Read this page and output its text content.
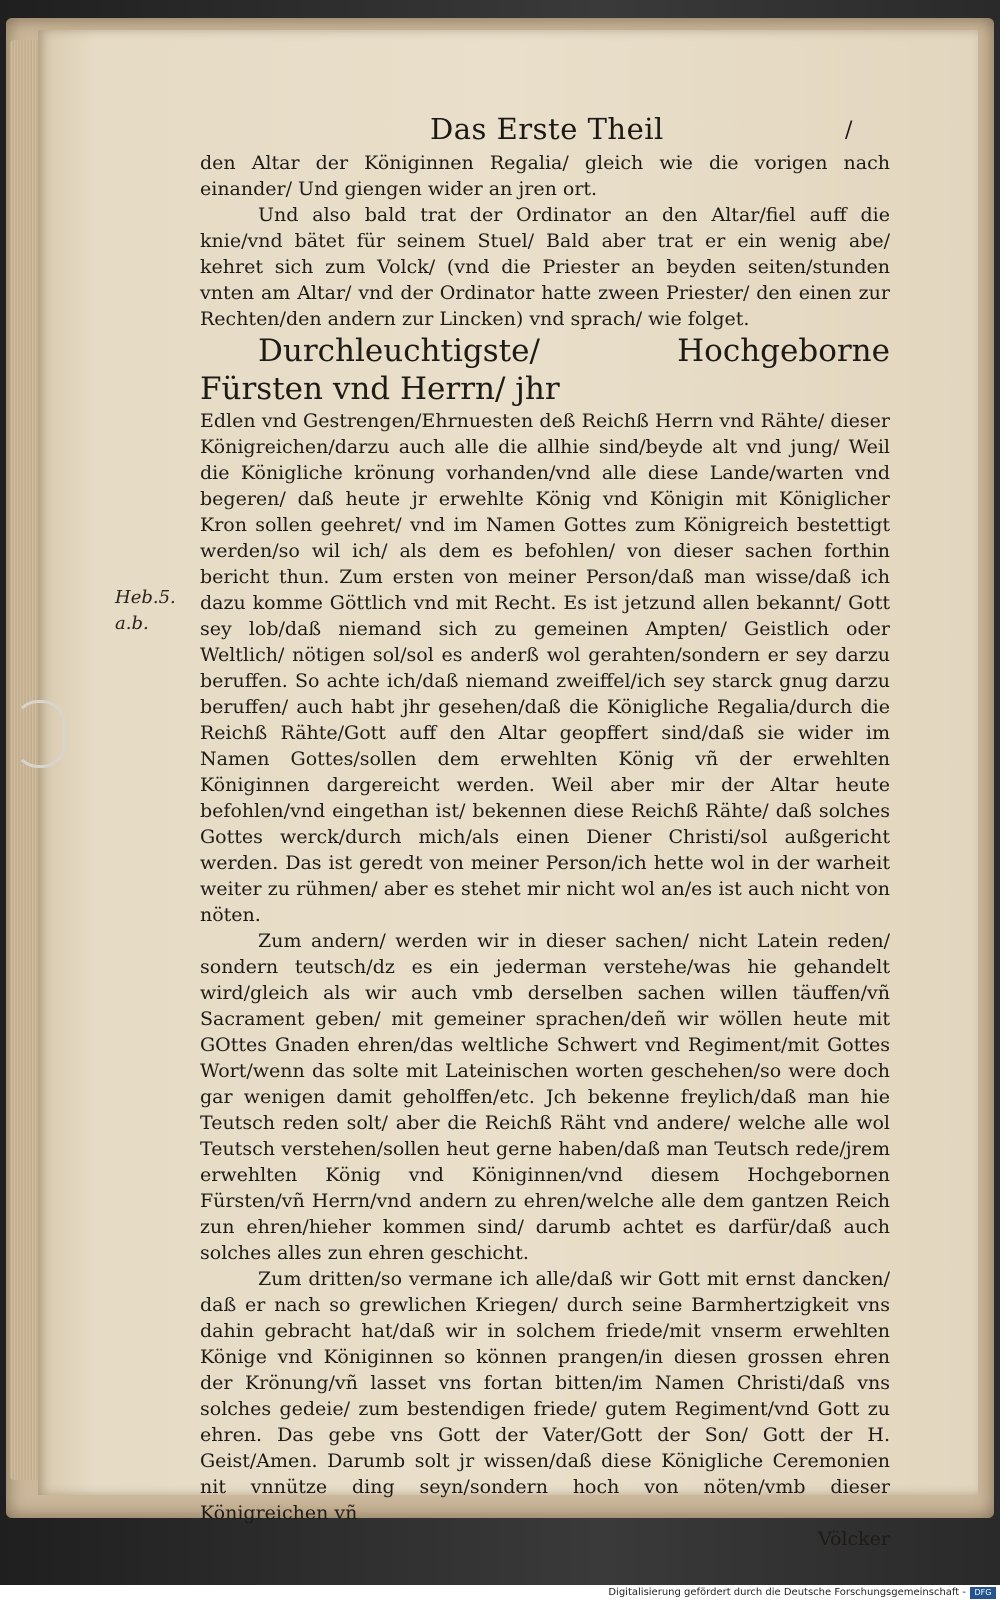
Das Erste Theil	/
Heb.5.
a.b.

den Altar der Königinnen Regalia/ gleich wie die vorigen nach einander/ Und giengen wider an jren ort.

Und also bald trat der Ordinator an den Altar/fiel auff die knie/vnd bätet für seinem Stuel/ Bald aber trat er ein wenig abe/ kehret sich zum Volck/ (vnd die Priester an beyden seiten/stunden vnten am Altar/ vnd der Ordinator hatte zween Priester/ den einen zur Rechten/den andern zur Lincken) vnd sprach/ wie folget.

Durchleuchtigste/ Hochgeborne Fürsten vnd Herrn/ jhr

Edlen vnd Gestrengen/Ehrnuesten deß Reichß Herrn vnd Rähte/ dieser Königreichen/darzu auch alle die allhie sind/beyde alt vnd jung/ Weil die Königliche krönung vorhanden/vnd alle diese Lande/warten vnd begeren/ daß heute jr erwehlte König vnd Königin mit Königlicher Kron sollen geehret/ vnd im Namen Gottes zum Königreich bestettigt werden/so wil ich/ als dem es befohlen/ von dieser sachen forthin bericht thun. Zum ersten von meiner Person/daß man wisse/daß ich dazu komme Göttlich vnd mit Recht. Es ist jetzund allen bekannt/ Gott sey lob/daß niemand sich zu gemeinen Ampten/ Geistlich oder Weltlich/ nötigen sol/sol es anderß wol gerahten/sondern er sey darzu beruffen. So achte ich/daß niemand zweiffel/ich sey starck gnug darzu beruffen/ auch habt jhr gesehen/daß die Königliche Regalia/durch die Reichß Rähte/Gott auff den Altar geopffert sind/daß sie wider im Namen Gottes/sollen dem erwehlten König vñ der erwehlten Königinnen dargereicht werden. Weil aber mir der Altar heute befohlen/vnd eingethan ist/ bekennen diese Reichß Rähte/ daß solches Gottes werck/durch mich/als einen Diener Christi/sol außgericht werden. Das ist geredt von meiner Person/ich hette wol in der warheit weiter zu rühmen/ aber es stehet mir nicht wol an/es ist auch nicht von nöten.

Zum andern/ werden wir in dieser sachen/ nicht Latein reden/ sondern teutsch/dz es ein jederman verstehe/was hie gehandelt wird/gleich als wir auch vmb derselben sachen willen täuffen/vñ Sacrament geben/ mit gemeiner sprachen/deñ wir wöllen heute mit GOttes Gnaden ehren/das weltliche Schwert vnd Regiment/mit Gottes Wort/wenn das solte mit Lateinischen worten geschehen/so were doch gar wenigen damit geholffen/etc. Jch bekenne freylich/daß man hie Teutsch reden solt/ aber die Reichß Räht vnd andere/ welche alle wol Teutsch verstehen/sollen heut gerne haben/daß man Teutsch rede/jrem erwehlten König vnd Königinnen/vnd diesem Hochgebornen Fürsten/vñ Herrn/vnd andern zu ehren/welche alle dem gantzen Reich zun ehren/hieher kommen sind/ darumb achtet es darfür/daß auch solches alles zun ehren geschicht.

Zum dritten/so vermane ich alle/daß wir Gott mit ernst dancken/ daß er nach so grewlichen Kriegen/ durch seine Barmhertzigkeit vns dahin gebracht hat/daß wir in solchem friede/mit vnserm erwehlten Könige vnd Königinnen so können prangen/in diesen grossen ehren der Krönung/vñ lasset vns fortan bitten/im Namen Christi/daß vns solches gedeie/ zum bestendigen friede/ gutem Regiment/vnd Gott zu ehren. Das gebe vns Gott der Vater/Gott der Son/ Gott der H. Geist/Amen. Darumb solt jr wissen/daß diese Königliche Ceremonien nit vnnütze ding seyn/sondern hoch von nöten/vmb dieser Königreichen vñ

Völcker

Digitalisierung gefördert durch die Deutsche Forschungsgemeinschaft -	DFG
